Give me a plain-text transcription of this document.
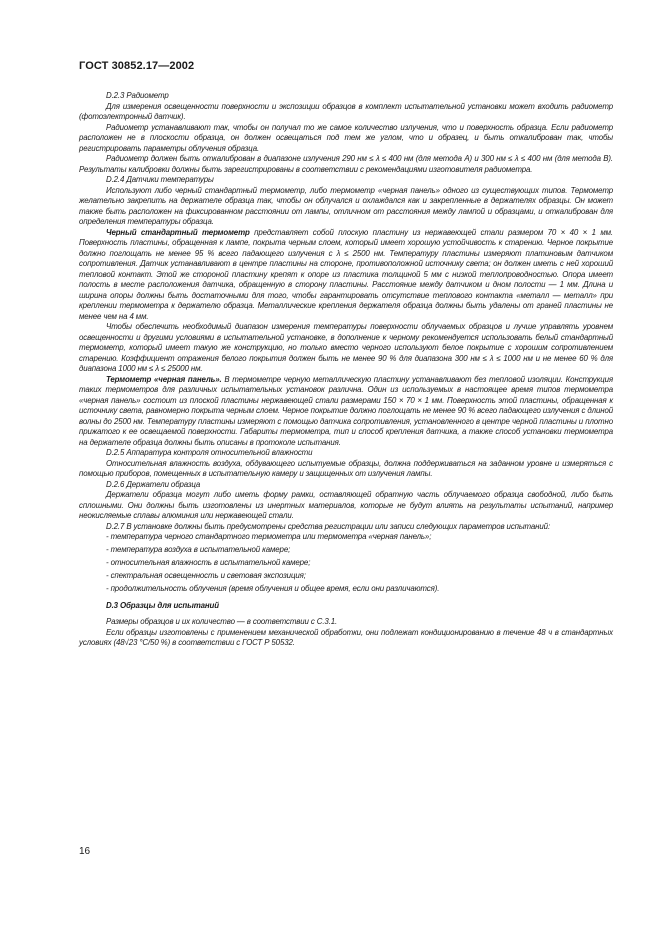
ГОСТ 30852.17—2002

D.2.3 Радиометр

Для измерения освещенности поверхности и экспозиции образцов в комплект испытательной установки может входить радиометр (фотоэлектронный датчик).

Радиометр устанавливают так, чтобы он получал то же самое количество излучения, что и поверхность образца. Если радиометр расположен не в плоскости образца, он должен освещаться под тем же углом, что и образец, и быть откалиброван так, чтобы регистрировать параметры облучения образца.

Радиометр должен быть откалиброван в диапазоне излучения 290 нм ≤ λ ≤ 400 нм (для метода А) и 300 нм ≤ λ ≤ 400 нм (для метода В). Результаты калибровки должны быть зарегистрированы в соответствии с рекомендациями изготовителя радиометра.

D.2.4 Датчики температуры

Используют либо черный стандартный термометр, либо термометр «черная панель» одного из существующих типов. Термометр желательно закрепить на держателе образца так, чтобы он облучался и охлаждался как и закрепленные в держателях образцы. Он может также быть расположен на фиксированном расстоянии от лампы, отличном от расстояния между лампой и образцами, и откалиброван для определения температуры образца.

Черный стандартный термометр представляет собой плоскую пластину из нержавеющей стали размером 70 × 40 × 1 мм. Поверхность пластины, обращенная к лампе, покрыта черным слоем, который имеет хорошую устойчивость к старению. Черное покрытие должно поглощать не менее 95 % всего падающего излучения с λ ≤ 2500 нм. Температуру пластины измеряют платиновым датчиком сопротивления. Датчик устанавливают в центре пластины на стороне, противоположной источнику света; он должен иметь с ней хороший тепловой контакт. Этой же стороной пластину крепят к опоре из пластика толщиной 5 мм с низкой теплопроводностью. Опора имеет полость в месте расположения датчика, обращенную в сторону пластины. Расстояние между датчиком и дном полости — 1 мм. Длина и ширина опоры должны быть достаточными для того, чтобы гарантировать отсутствие теплового контакта «металл — металл» при креплении термометра к держателю образца. Металлические крепления держателя образца должны быть удалены от граней пластины не менее чем на 4 мм.

Чтобы обеспечить необходимый диапазон измерения температуры поверхности облучаемых образцов и лучше управлять уровнем освещенности и другими условиями в испытательной установке, в дополнение к черному рекомендуется использовать белый стандартный термометр, который имеет такую же конструкцию, но только вместо черного используют белое покрытие с хорошим сопротивлением старению. Коэффициент отражения белого покрытия должен быть не менее 90 % для диапазона 300 нм ≤ λ ≤ 1000 нм и не менее 60 % для диапазона 1000 нм ≤ λ ≤ 25000 нм.

Термометр «черная панель». В термометре черную металлическую пластину устанавливают без тепловой изоляции. Конструкция таких термометров для различных испытательных установок различна. Один из используемых в настоящее время типов термометра «черная панель» состоит из плоской пластины нержавеющей стали размерами 150 × 70 × 1 мм. Поверхность этой пластины, обращенная к источнику света, равномерно покрыта черным слоем. Черное покрытие должно поглощать не менее 90 % всего падающего излучения с длиной волны до 2500 нм. Температуру пластины измеряют с помощью датчика сопротивления, установленного в центре черной пластины и плотно прижатого к ее освещаемой поверхности. Габариты термометра, тип и способ крепления датчика, а также способ установки термометра на держателе образца должны быть описаны в протоколе испытания.

D.2.5 Аппаратура контроля относительной влажности

Относительная влажность воздуха, обдувающего испытуемые образцы, должна поддерживаться на заданном уровне и измеряться с помощью приборов, помещенных в испытательную камеру и защищенных от излучения лампы.

D.2.6 Держатели образца

Держатели образца могут либо иметь форму рамки, оставляющей обратную часть облучаемого образца свободной, либо быть сплошными. Они должны быть изготовлены из инертных материалов, которые не будут влиять на результаты испытаний, например неокисляемые сплавы алюминия или нержавеющей стали.

D.2.7 В установке должны быть предусмотрены средства регистрации или записи следующих параметров испытаний:

- температура черного стандартного термометра или термометра «черная панель»;
- температура воздуха в испытательной камере;
- относительная влажность в испытательной камере;
- спектральная освещенность и световая экспозиция;
- продолжительность облучения (время облучения и общее время, если они различаются).

D.3 Образцы для испытаний

Размеры образцов и их количество — в соответствии с С.3.1.

Если образцы изготовлены с применением механической обработки, они подлежат кондиционированию в течение 48 ч в стандартных условиях (48√23 °С/50 %) в соответствии с ГОСТ Р 50532.

16
